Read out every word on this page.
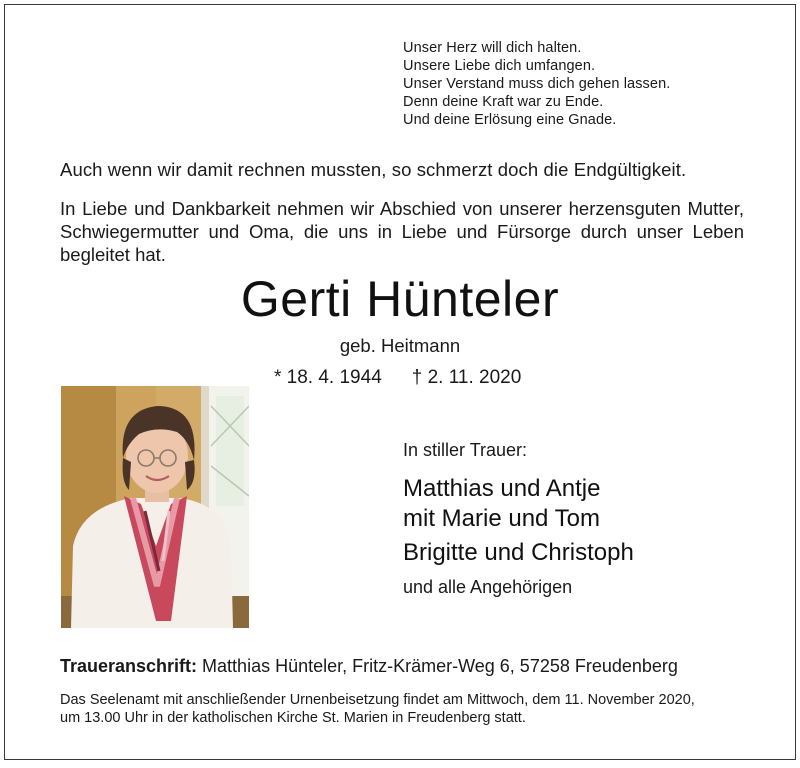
Unser Herz will dich halten.
Unsere Liebe dich umfangen.
Unser Verstand muss dich gehen lassen.
Denn deine Kraft war zu Ende.
Und deine Erlösung eine Gnade.
Auch wenn wir damit rechnen mussten, so schmerzt doch die Endgültigkeit.
In Liebe und Dankbarkeit nehmen wir Abschied von unserer herzensguten Mutter, Schwiegermutter und Oma, die uns in Liebe und Fürsorge durch unser Leben begleitet hat.
Gerti Hünteler
geb. Heitmann
* 18. 4. 1944 † 2. 11. 2020
In stiller Trauer:
Matthias und Antje
mit Marie und Tom
Brigitte und Christoph
und alle Angehörigen
Traueranschrift: Matthias Hünteler, Fritz-Krämer-Weg 6, 57258 Freudenberg
Das Seelenamt mit anschließender Urnenbeisetzung findet am Mittwoch, dem 11. November 2020,
um 13.00 Uhr in der katholischen Kirche St. Marien in Freudenberg statt.
